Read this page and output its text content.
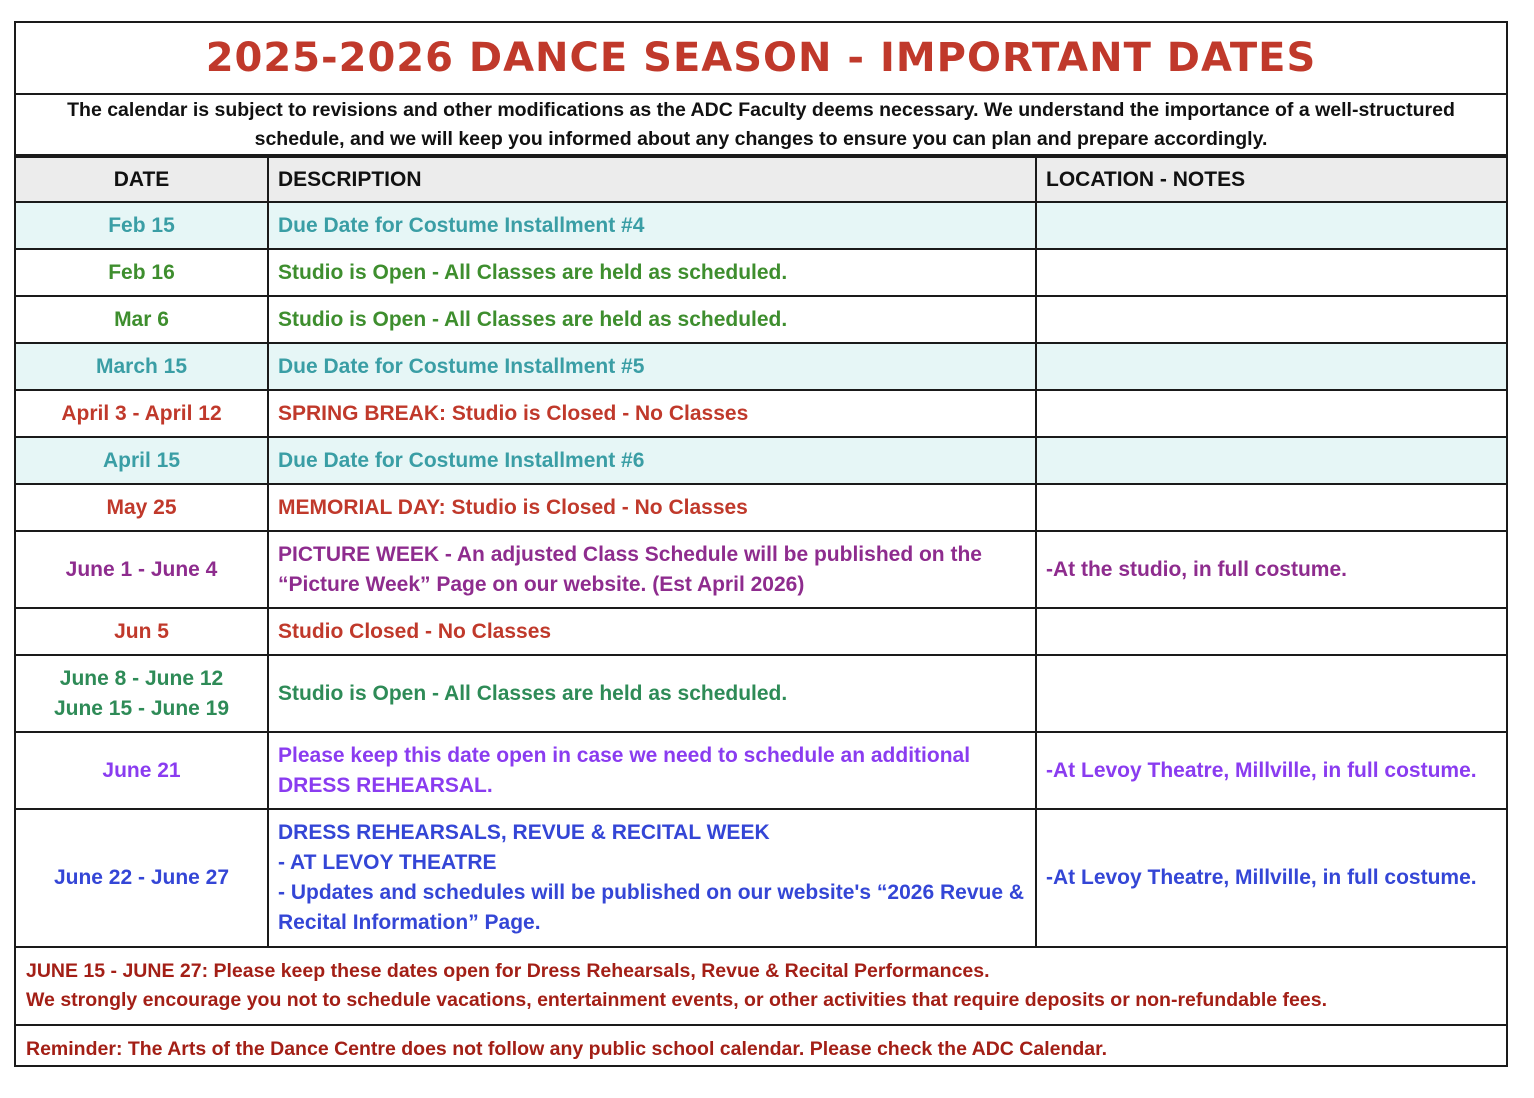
2025-2026 DANCE SEASON - IMPORTANT DATES
The calendar is subject to revisions and other modifications as the ADC Faculty deems necessary. We understand the importance of a well-structured schedule, and we will keep you informed about any changes to ensure you can plan and prepare accordingly.
DATE	DESCRIPTION	LOCATION - NOTES
Feb 15	Due Date for Costume Installment #4	
Feb 16	Studio is Open - All Classes are held as scheduled.	
Mar 6	Studio is Open - All Classes are held as scheduled.	
March 15	Due Date for Costume Installment #5	
April 3 - April 12	SPRING BREAK: Studio is Closed - No Classes	
April 15	Due Date for Costume Installment #6	
May 25	MEMORIAL DAY: Studio is Closed - No Classes	
June 1 - June 4	PICTURE WEEK - An adjusted Class Schedule will be published on the “Picture Week” Page on our website. (Est April 2026)	-At the studio, in full costume.
Jun 5	Studio Closed - No Classes	
June 8 - June 12
June 15 - June 19	Studio is Open - All Classes are held as scheduled.	
June 21	Please keep this date open in case we need to schedule an additional DRESS REHEARSAL.	-At Levoy Theatre, Millville, in full costume.
June 22 - June 27	DRESS REHEARSALS, REVUE & RECITAL WEEK
- AT LEVOY THEATRE
- Updates and schedules will be published on our website's “2026 Revue & Recital Information” Page.	-At Levoy Theatre, Millville, in full costume.
JUNE 15 - JUNE 27: Please keep these dates open for Dress Rehearsals, Revue & Recital Performances.
We strongly encourage you not to schedule vacations, entertainment events, or other activities that require deposits or non-refundable fees.
Reminder: The Arts of the Dance Centre does not follow any public school calendar. Please check the ADC Calendar.
